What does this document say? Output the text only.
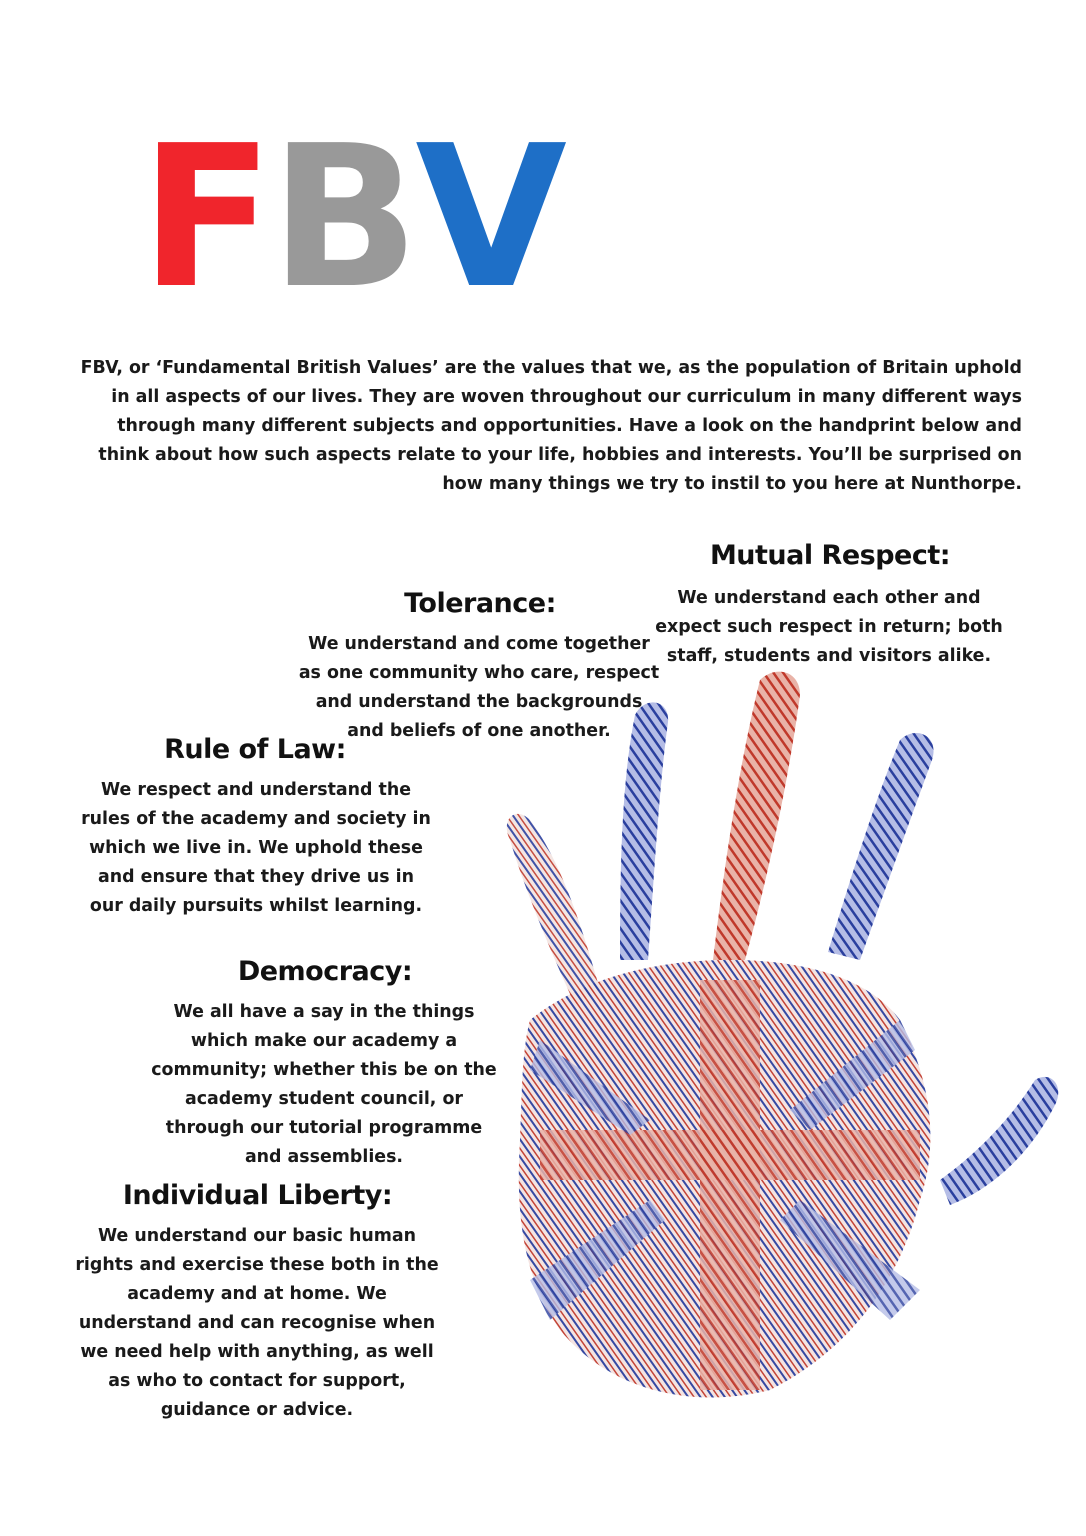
FBV
FBV, or ‘Fundamental British Values’ are the values that we, as the population of Britain uphold in all aspects of our lives. They are woven throughout our curriculum in many different ways through many different subjects and opportunities. Have a look on the handprint below and think about how such aspects relate to your life, hobbies and interests. You’ll be surprised on how many things we try to instil to you here at Nunthorpe.
Mutual Respect:
We understand each other and expect such respect in return; both staff, students and visitors alike.
Tolerance:
We understand and come together as one community who care, respect and understand the backgrounds and beliefs of one another.
Rule of Law:
We respect and understand the rules of the academy and society in which we live in. We uphold these and ensure that they drive us in our daily pursuits whilst learning.
Democracy:
We all have a say in the things which make our academy a community; whether this be on the academy student council, or through our tutorial programme and assemblies.
Individual Liberty:
We understand our basic human rights and exercise these both in the academy and at home. We understand and can recognise when we need help with anything, as well as who to contact for support, guidance or advice.
